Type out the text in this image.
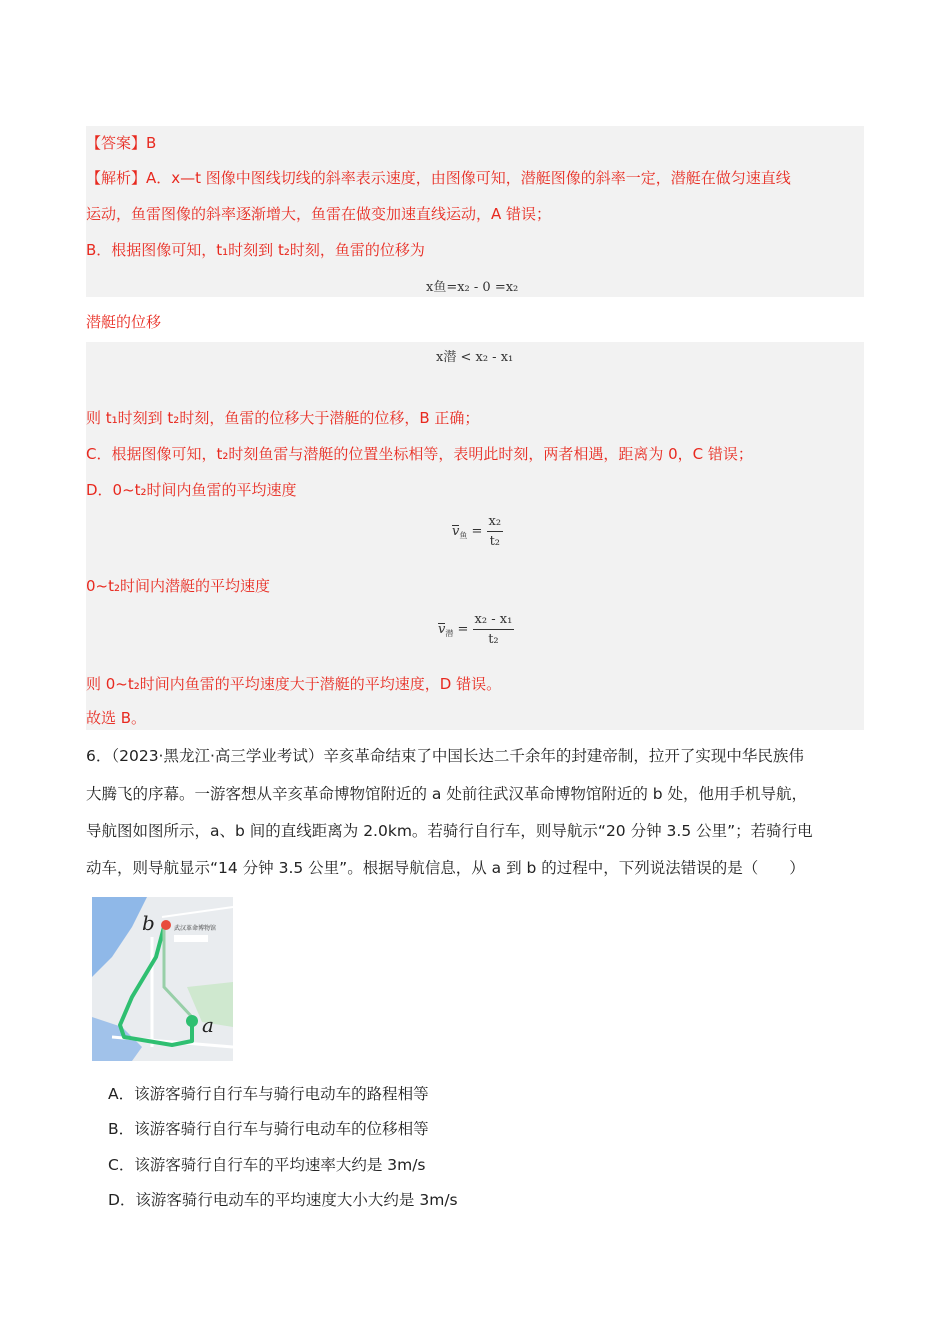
【答案】B
【解析】A．x—t 图像中图线切线的斜率表示速度，由图像可知，潜艇图像的斜率一定，潜艇在做匀速直线
运动，鱼雷图像的斜率逐渐增大，鱼雷在做变加速直线运动，A 错误；
B．根据图像可知，t₁时刻到 t₂时刻，鱼雷的位移为
x鱼=x₂ - 0 =x₂
潜艇的位移
x潜 < x₂ - x₁
则 t₁时刻到 t₂时刻，鱼雷的位移大于潜艇的位移，B 正确；
C．根据图像可知，t₂时刻鱼雷与潜艇的位置坐标相等，表明此时刻，两者相遇，距离为 0，C 错误；
D．0~t₂时间内鱼雷的平均速度
$v_鱼 = \frac{\text{x₂}}{\text{t₂}}$
0~t₂时间内潜艇的平均速度
$v_潜 = \frac{\text{x₂ - x₁}}{\text{t₂}}$
则 0~t₂时间内鱼雷的平均速度大于潜艇的平均速度，D 错误。
故选 B。
6．（2023·黑龙江·高三学业考试）辛亥革命结束了中国长达二千余年的封建帝制，拉开了实现中华民族伟
大腾飞的序幕。一游客想从辛亥革命博物馆附近的 a 处前往武汉革命博物馆附近的 b 处，他用手机导航，
导航图如图所示，a、b 间的直线距离为 2.0km。若骑行自行车，则导航示“20 分钟 3.5 公里”；若骑行电
动车，则导航显示“14 分钟 3.5 公里”。根据导航信息，从 a 到 b 的过程中，下列说法错误的是（　　）
b
a
武汉革命博物馆
A．该游客骑行自行车与骑行电动车的路程相等
B．该游客骑行自行车与骑行电动车的位移相等
C．该游客骑行自行车的平均速率大约是 3m/s
D．该游客骑行电动车的平均速度大小大约是 3m/s
